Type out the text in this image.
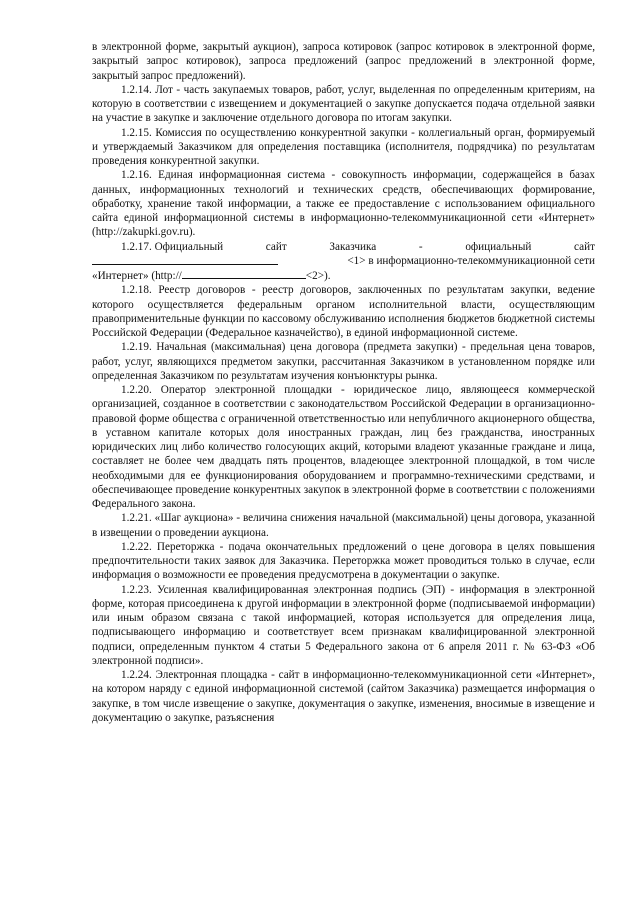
в электронной форме, закрытый аукцион), запроса котировок (запрос котировок в электронной форме, закрытый запрос котировок), запроса предложений (запрос предложений в электронной форме, закрытый запрос предложений).

1.2.14. Лот - часть закупаемых товаров, работ, услуг, выделенная по определенным критериям, на которую в соответствии с извещением и документацией о закупке допускается подача отдельной заявки на участие в закупке и заключение отдельного договора по итогам закупки.

1.2.15. Комиссия по осуществлению конкурентной закупки - коллегиальный орган, формируемый и утверждаемый Заказчиком для определения поставщика (исполнителя, подрядчика) по результатам проведения конкурентной закупки.

1.2.16. Единая информационная система - совокупность информации, содержащейся в базах данных, информационных технологий и технических средств, обеспечивающих формирование, обработку, хранение такой информации, а также ее предоставление с использованием официального сайта единой информационной системы в информационно-телекоммуникационной сети «Интернет» (http://zakupki.gov.ru).

1.2.17. Официальный	сайт	Заказчика	-	официальный	сайт
<1> в информационно-телекоммуникационной сети
«Интернет» (http://	<2>).

1.2.18. Реестр договоров - реестр договоров, заключенных по результатам закупки, ведение которого осуществляется федеральным органом исполнительной власти, осуществляющим правоприменительные функции по кассовому обслуживанию исполнения бюджетов бюджетной системы Российской Федерации (Федеральное казначейство), в единой информационной системе.

1.2.19. Начальная (максимальная) цена договора (предмета закупки) - предельная цена товаров, работ, услуг, являющихся предметом закупки, рассчитанная Заказчиком в установленном порядке или определенная Заказчиком по результатам изучения конъюнктуры рынка.

1.2.20. Оператор электронной площадки - юридическое лицо, являющееся коммерческой организацией, созданное в соответствии с законодательством Российской Федерации в организационно-правовой форме общества с ограниченной ответственностью или непубличного акционерного общества, в уставном капитале которых доля иностранных граждан, лиц без гражданства, иностранных юридических лиц либо количество голосующих акций, которыми владеют указанные граждане и лица, составляет не более чем двадцать пять процентов, владеющее электронной площадкой, в том числе необходимыми для ее функционирования оборудованием и программно-техническими средствами, и обеспечивающее проведение конкурентных закупок в электронной форме в соответствии с положениями Федерального закона.

1.2.21. «Шаг аукциона» - величина снижения начальной (максимальной) цены договора, указанной в извещении о проведении аукциона.

1.2.22. Переторжка - подача окончательных предложений о цене договора в целях повышения предпочтительности таких заявок для Заказчика. Переторжка может проводиться только в случае, если информация о возможности ее проведения предусмотрена в документации о закупке.

1.2.23. Усиленная квалифицированная электронная подпись (ЭП) - информация в электронной форме, которая присоединена к другой информации в электронной форме (подписываемой информации) или иным образом связана с такой информацией, которая используется для определения лица, подписывающего информацию и соответствует всем признакам квалифицированной электронной подписи, определенным пунктом 4 статьи 5 Федерального закона от 6 апреля 2011 г. № 63-ФЗ «Об электронной подписи».

1.2.24. Электронная площадка - сайт в информационно-телекоммуникационной сети «Интернет», на котором наряду с единой информационной системой (сайтом Заказчика) размещается информация о закупке, в том числе извещение о закупке, документация о закупке, изменения, вносимые в извещение и документацию о закупке, разъяснения
